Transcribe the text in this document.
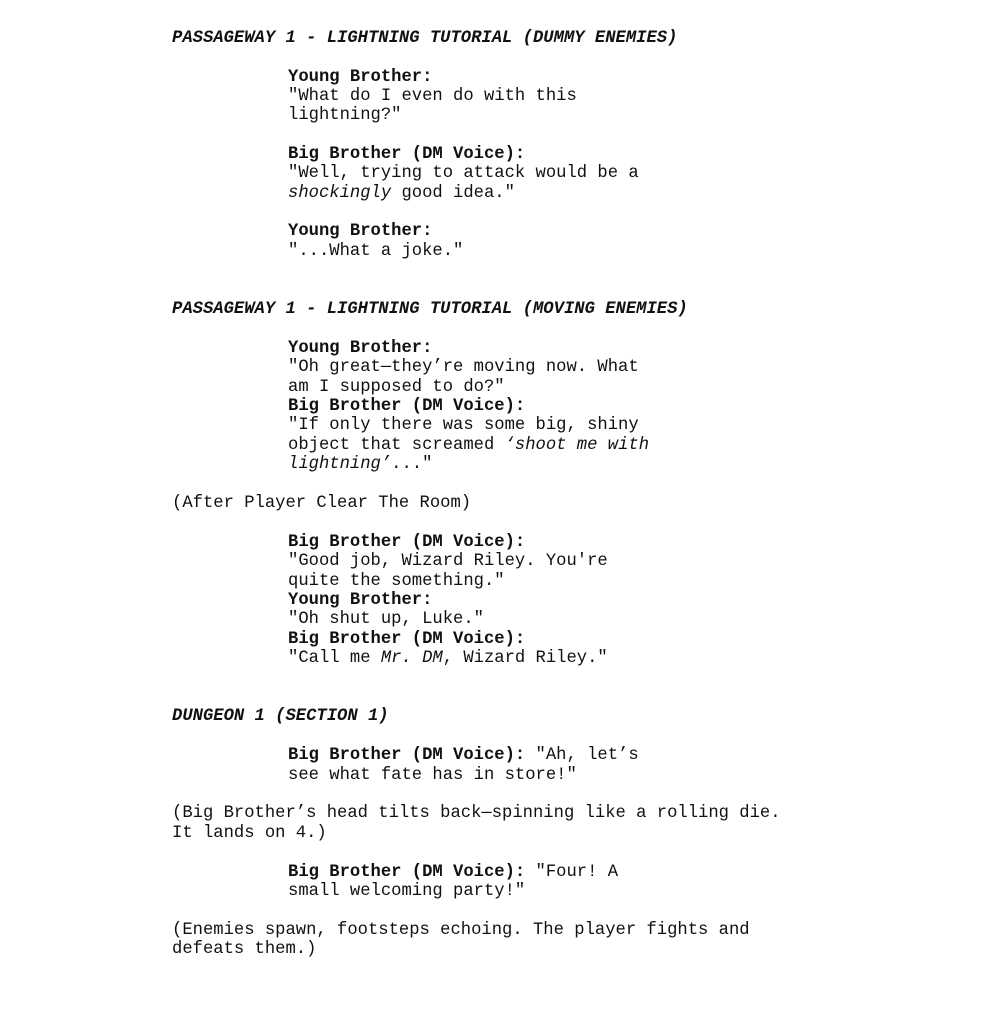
PASSAGEWAY 1 - LIGHTNING TUTORIAL (DUMMY ENEMIES)
Young Brother:
"What do I even do with this
lightning?"
Big Brother (DM Voice):
"Well, trying to attack would be a
shockingly good idea."
Young Brother:
"...What a joke."
PASSAGEWAY 1 - LIGHTNING TUTORIAL (MOVING ENEMIES)
Young Brother:
"Oh great—they’re moving now. What
am I supposed to do?"
Big Brother (DM Voice):
"If only there was some big, shiny
object that screamed ‘shoot me with
lightning’..."
(After Player Clear The Room)
Big Brother (DM Voice):
"Good job, Wizard Riley. You're
quite the something."
Young Brother:
"Oh shut up, Luke."
Big Brother (DM Voice):
"Call me Mr. DM, Wizard Riley."
DUNGEON 1 (SECTION 1)
Big Brother (DM Voice): "Ah, let’s
see what fate has in store!"
(Big Brother’s head tilts back—spinning like a rolling die.
It lands on 4.)
Big Brother (DM Voice): "Four! A
small welcoming party!"
(Enemies spawn, footsteps echoing. The player fights and
defeats them.)
